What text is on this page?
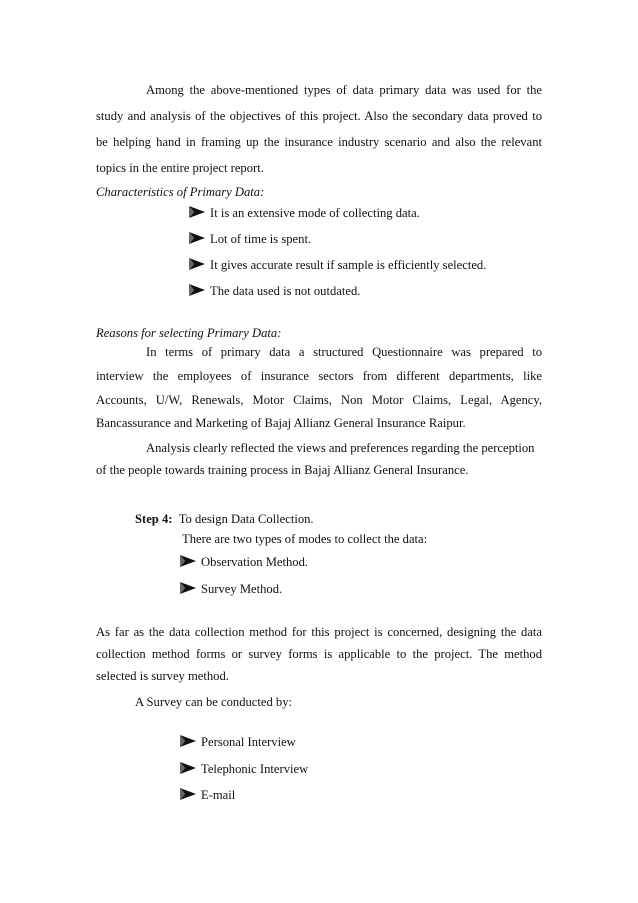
Among the above-mentioned types of data primary data was used for the
study and analysis of the objectives of this project. Also the secondary data proved to
be helping hand in framing up the insurance industry scenario and also the relevant
topics in the entire project report.
Characteristics of Primary Data:
It is an extensive mode of collecting data.
Lot of time is spent.
It gives accurate result if sample is efficiently selected.
The data used is not outdated.
Reasons for selecting Primary Data:
In terms of primary data a structured Questionnaire was prepared to
interview the employees of insurance sectors from different departments, like
Accounts, U/W, Renewals, Motor Claims, Non Motor Claims, Legal, Agency,
Bancassurance and Marketing of Bajaj Allianz General Insurance Raipur.
Analysis clearly reflected the views and preferences regarding the perception
of the people towards training process in Bajaj Allianz General Insurance.
Step 4: To design Data Collection.
There are two types of modes to collect the data:
Observation Method.
Survey Method.
As far as the data collection method for this project is concerned, designing the data
collection method forms or survey forms is applicable to the project. The method
selected is survey method.
A Survey can be conducted by:
Personal Interview
Telephonic Interview
E-mail
